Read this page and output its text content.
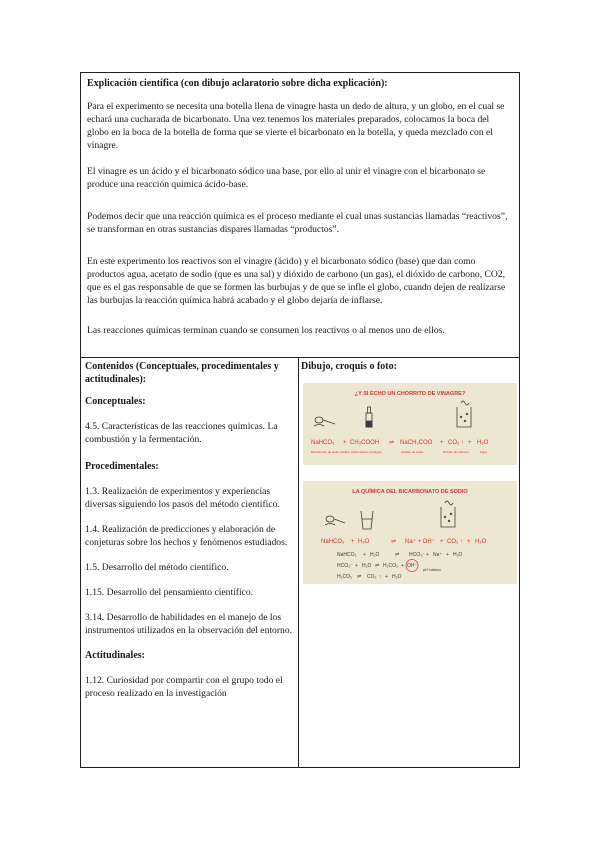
Explicación científica (con dibujo aclaratorio sobre dicha explicación):

Para el experimento se necesita una botella llena de vinagre hasta un dedo de altura, y un globo, en el cual se echará una cucharada de bicarbonato. Una vez tenemos los materiales preparados, colocamos la boca del globo en la boca de la botella de forma que se vierte el bicarbonato en la botella, y queda mezclado con el vinagre.

El vinagre es un ácido y el bicarbonato sódico una base, por ello al unir el vinagre con el bicarbonato se produce una reacción química ácido-base.

Podemos decir que una reacción química es el proceso mediante el cual unas sustancias llamadas “reactivos”, se transforman en otras sustancias dispares llamadas “productos”.

En este experimento los reactivos son el vinagre (ácido) y el bicarbonato sódico (base) que dan como productos agua, acetato de sodio (que es una sal) y dióxido de carbono (un gas), el dióxido de carbono, CO2, que es el gas responsable de que se formen las burbujas y de que se infle el globo, cuando dejen de realizarse las burbujas la reacción química habrá acabado y el globo dejaría de inflarse.

Las reacciones químicas terminan cuando se consumen los reactivos o al menos uno de ellos.

Contenidos (Conceptuales, procedimentales y actitudinales):
Conceptuales:
4.5. Características de las reacciones químicas. La combustión y la fermentación.
Procedimentales:
1.3. Realización de experimentos y experiencias diversas siguiendo los pasos del método científico.
1.4. Realización de predicciones y elaboración de conjeturas sobre los hechos y fenómenos estudiados.
1.5. Desarrollo del método científico.
1.15. Desarrollo del pensamiento científico.
3.14. Desarrollo de habilidades en el manejo de los instrumentos utilizados en la observación del entorno.
Actitudinales:
1.12. Curiosidad por compartir con el grupo todo el proceso realizado en la investigación
Dibujo, croquis o foto:
¿Y SI ECHO UN CHORRITO DE VINAGRE?
NaHCO₃ + CH₃COOH ⇌ NaCH₃COO + CO₂ ↑ + H₂O
Bicarbonato de sodio (sólido) Ácido acético (vinagre)	Acetato de sodio	Dióxido de carbono	Agua
LA QUÍMICA DEL BICARBONATO DE SODIO
NaHCO₃ + H₂O	⇌ Na⁺ + OH⁻ + CO₂ ↑ + H₂O
NaHCO₃ + H₂O	⇌ HCO₃⁻ + Na⁺ + H₂O
HCO₃⁻ + H₂O ⇌ H₂CO₃ + OH⁻
pH básico
H₂CO₃ ⇌ CO₂ ↑ + H₂O
